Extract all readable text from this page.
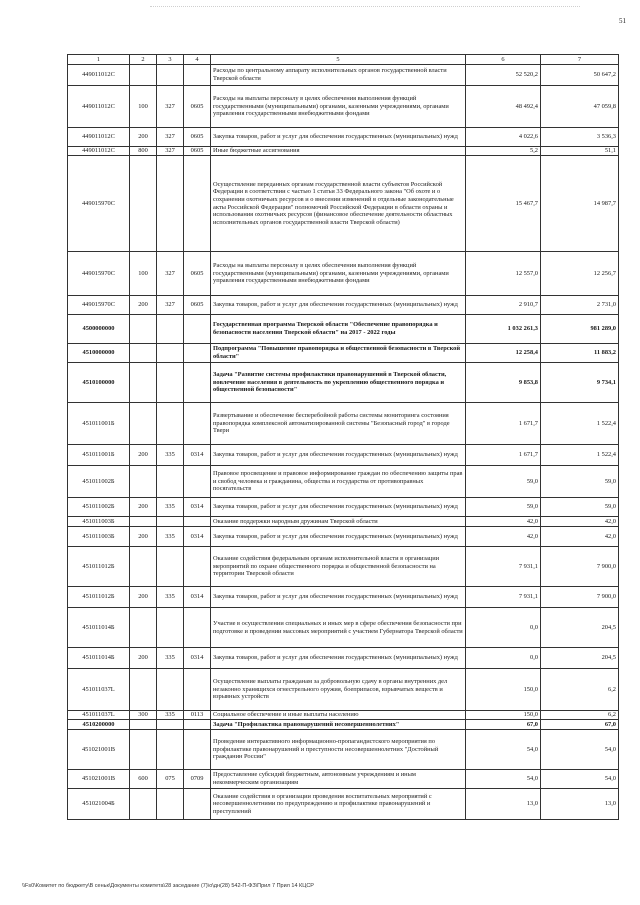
51
1	2	3	4	5	6	7
449011012С				Расходы по центральному аппарату исполнительных органов государственной власти Тверской области	52 520,2	50 647,2
449011012С	100	327	0605	Расходы на выплаты персоналу в целях обеспечения выполнения функций государственными (муниципальными) органами, казенными учреждениями, органами управления государственными внебюджетными фондами	48 492,4	47 059,8
449011012С	200	327	0605	Закупка товаров, работ и услуг для обеспечения государственных (муниципальных) нужд	4 022,6	3 536,3
449011012С	800	327	0605	Иные бюджетные ассигнования	5,2	51,1
449015970С				Осуществление переданных органам государственной власти субъектов Российской Федерации в соответствии с частью 1 статьи 33 Федерального закона "Об охоте и о сохранении охотничьих ресурсов и о внесении изменений в отдельные законодательные акты Российской Федерации" полномочий Российской Федерации в области охраны и использования охотничьих ресурсов (финансовое обеспечение деятельности областных исполнительных органов государственной власти Тверской области)	15 467,7	14 987,7
449015970С	100	327	0605	Расходы на выплаты персоналу в целях обеспечения выполнения функций государственными (муниципальными) органами, казенными учреждениями, органами управления государственными внебюджетными фондами	12 557,0	12 256,7
449015970С	200	327	0605	Закупка товаров, работ и услуг для обеспечения государственных (муниципальных) нужд	2 910,7	2 731,0
4500000000				Государственная программа Тверской области "Обеспечение правопорядка и безопасности населения Тверской области" на 2017 - 2022 годы	1 032 261,3	981 289,0
4510000000				Подпрограмма "Повышение правопорядка и общественной безопасности в Тверской области"	12 258,4	11 883,2
4510100000				Задача "Развитие системы профилактики правонарушений в Тверской области, вовлечение населения в деятельность по укреплению общественного порядка и общественной безопасности"	9 853,8	9 734,1
451011001Б				Развертывание и обеспечение бесперебойной работы системы мониторинга состояния правопорядка комплексной автоматизированной системы "Безопасный город" в городе Твери	1 671,7	1 522,4
451011001Б	200	335	0314	Закупка товаров, работ и услуг для обеспечения государственных (муниципальных) нужд	1 671,7	1 522,4
451011002Б				Правовое просвещение и правовое информирование граждан по обеспечению защиты прав и свобод человека и гражданина, общества и государства от противоправных посягательств	59,0	59,0
451011002Б	200	335	0314	Закупка товаров, работ и услуг для обеспечения государственных (муниципальных) нужд	59,0	59,0
451011003Б				Оказание поддержки народным дружинам Тверской области	42,0	42,0
451011003Б	200	335	0314	Закупка товаров, работ и услуг для обеспечения государственных (муниципальных) нужд	42,0	42,0
451011012Б				Оказание содействия федеральным органам исполнительной власти в организации мероприятий по охране общественного порядка и общественной безопасности на территории Тверской области	7 931,1	7 900,0
451011012Б	200	335	0314	Закупка товаров, работ и услуг для обеспечения государственных (муниципальных) нужд	7 931,1	7 900,0
451011014Б				Участие в осуществлении специальных и иных мер в сфере обеспечения безопасности при подготовке и проведении массовых мероприятий с участием Губернатора Тверской области	0,0	204,5
451011014Б	200	335	0314	Закупка товаров, работ и услуг для обеспечения государственных (муниципальных) нужд	0,0	204,5
451011037L				Осуществление выплаты гражданам за добровольную сдачу в органы внутренних дел незаконно хранящихся огнестрельного оружия, боеприпасов, взрывчатых веществ и взрывных устройств	150,0	6,2
451011037L	300	335	0113	Социальное обеспечение и иные выплаты населению	150,0	6,2
4510200000				Задача "Профилактика правонарушений несовершеннолетних"	67,0	67,0
451021001В				Проведение интерактивного информационно-пропагандистского мероприятия по профилактике правонарушений и преступности несовершеннолетних "Достойный гражданин России"	54,0	54,0
451021001В	600	075	0709	Предоставление субсидий бюджетным, автономным учреждениям и иным некоммерческим организациям	54,0	54,0
451021004Б				Оказание содействия в организации проведения воспитательных мероприятий с несовершеннолетними по предупреждению и профилактике правонарушений и преступлений	13,0	13,0
\\Fs0\Комитет по бюджету\В сеньк\Документы комитета\28 заседание (7)\о\дн(28) 542-П-ФЗ\Прил 7 Прил 14 КЦСР
